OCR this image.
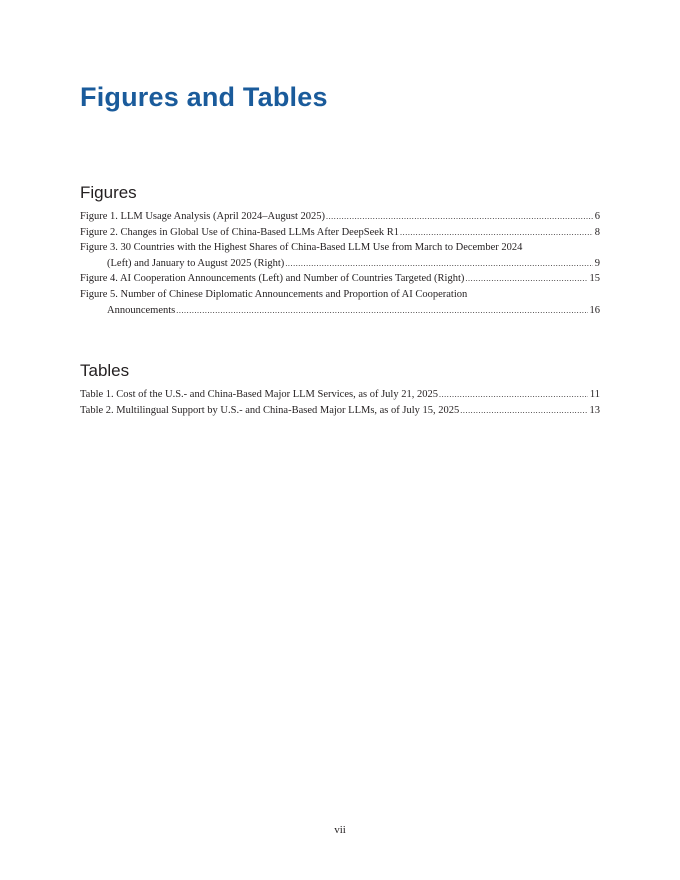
Figures and Tables
Figures
Figure 1. LLM Usage Analysis (April 2024–August 2025) .....	6
Figure 2. Changes in Global Use of China-Based LLMs After DeepSeek R1 .....	8
Figure 3. 30 Countries with the Highest Shares of China-Based LLM Use from March to December 2024
(Left) and January to August 2025 (Right) .....	9
Figure 4. AI Cooperation Announcements (Left) and Number of Countries Targeted (Right) .....	15
Figure 5. Number of Chinese Diplomatic Announcements and Proportion of AI Cooperation
Announcements .....	16
Tables
Table 1. Cost of the U.S.- and China-Based Major LLM Services, as of July 21, 2025 .....	11
Table 2. Multilingual Support by U.S.- and China-Based Major LLMs, as of July 15, 2025 .....	13
vii
